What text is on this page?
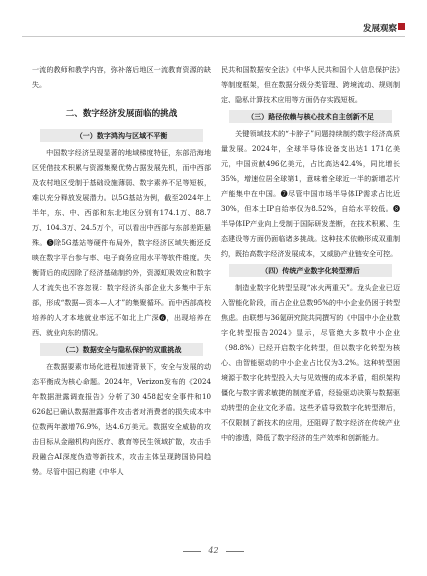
发展观察

一流的教师和教学内容，弥补落后地区一流教育资源的缺失。

二、数字经济发展面临的挑战
（一）数字鸿沟与区域不平衡

中国数字经济呈现显著的地域梯度特征，东部沿海地区凭借技术积累与资源集聚优势占据发展先机，而中西部及农村地区受制于基础设施薄弱、数字素养不足等短板，难以充分释放发展潜力。以5G基站为例，截至2024年上半年，东、中、西部和东北地区分别有174.1万、88.7万、104.3万、24.5万个，可以看出中西部与东部差距悬殊。❺除5G基站等硬件布局外，数字经济区域失衡还反映在数字平台参与率、电子商务应用水平等软件维度。失衡背后的成因除了经济基础制约外，资源虹吸效应和数字人才流失也不容忽视：数字经济头部企业大多集中于东部，形成“数据—资本—人才”的集聚循环。而中西部高校培养的人才本地就业率远不如北上广深❻，出现培养在西、就业向东的情况。

（二）数据安全与隐私保护的双重挑战

在数据要素市场化进程加速背景下，安全与发展的动态平衡成为核心命题。2024年，Verizon发布的《2024年数据泄露调查报告》分析了30 458起安全事件和10 626起已确认数据泄露事件攻击者对消费者的损失成本中位数两年激增76.9%，达4.6万美元。数据安全威胁的攻击目标从金融机构向医疗、教育等民生领域扩散，攻击手段融合AI深度伪造等新技术，攻击主体呈现跨国协同趋势。尽管中国已构建《中华人

民共和国数据安全法》《中华人民共和国个人信息保护法》等制度框架，但在数据分级分类管理、跨境流动、规则制定、隐私计算技术应用等方面仍存实践短板。

（三）路径依赖与核心技术自主创新不足

关键领域技术的“卡脖子”问题持续制约数字经济高质量发展。2024年，全球半导体设备支出达1 171亿美元，中国贡献496亿美元，占比高达42.4%，同比增长35%，增速位居全球第1，意味着全球近一半的新增芯片产能集中在中国。❼尽管中国市场半导体IP需求占比近30%，但本土IP自给率仅为8.52%，自给水平较低。❽半导体IP产业向上受制于国际研发垄断，在技术积累、生态建设等方面仍面临诸多挑战。这种技术依赖形成双重制约，既抬高数字经济发展成本，又威胁产业链安全可控。

（四）传统产业数字化转型滞后

制造业数字化转型呈现“冰火两重天”。龙头企业已迈入智能化阶段，而占企业总数95%的中小企业仍困于转型焦虑。由联想与36氪研究院共同撰写的《中国中小企业数字化转型报告2024》显示，尽管绝大多数中小企业（98.8%）已经开启数字化转型，但以数字化转型为核心、由智能驱动的中小企业占比仅为3.2%。这种转型困境源于数字化转型投入大与见效慢的成本矛盾，组织架构僵化与数字需求敏捷的制度矛盾，经验驱动决策与数据驱动转型的企业文化矛盾。这些矛盾导致数字化转型滞后，不仅限制了新技术的应用，还阻碍了数字经济在传统产业中的渗透，降低了数字经济的生产效率和创新能力。

42
